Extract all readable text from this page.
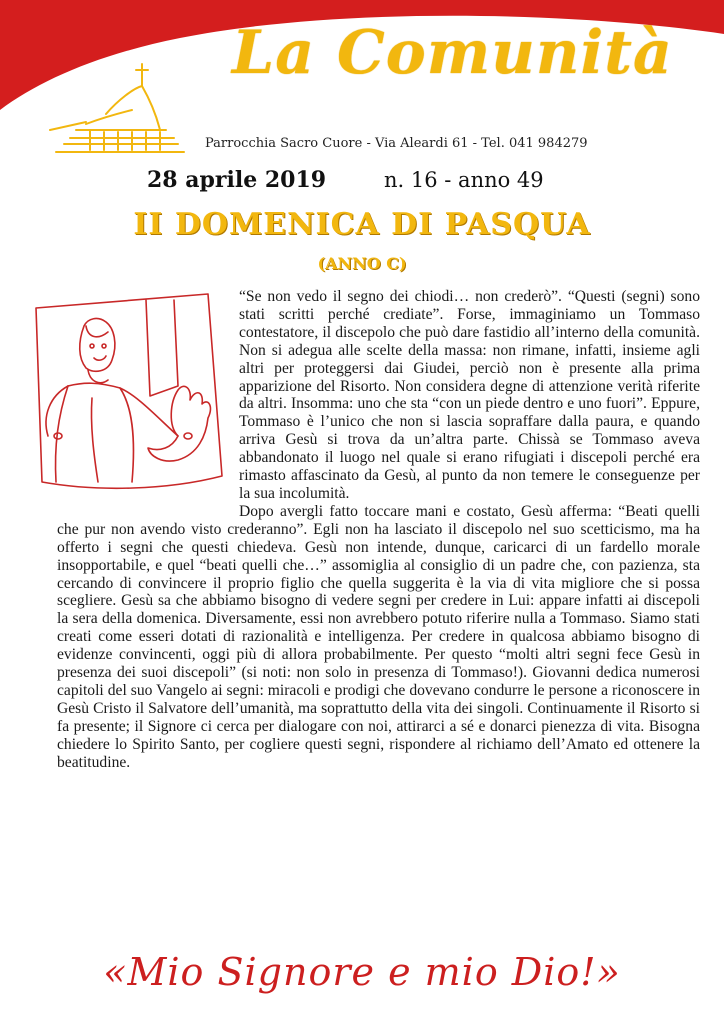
La Comunità
Parrocchia Sacro Cuore - Via Aleardi 61 - Tel. 041 984279
28 aprile 2019	n. 16 - anno 49
II DOMENICA DI PASQUA
(ANNO C)

“Se non vedo il segno dei chiodi… non crederò”. “Questi (segni) sono stati scritti perché crediate”. Forse, immaginiamo un Tommaso contestatore, il discepolo che può dare fastidio all’interno della comunità. Non si adegua alle scelte della massa: non rimane, infatti, insieme agli altri per proteggersi dai Giudei, perciò non è presente alla prima apparizione del Risorto. Non considera degne di attenzione verità riferite da altri. Insomma: uno che sta “con un piede dentro e uno fuori”. Eppure, Tommaso è l’unico che non si lascia sopraffare dalla paura, e quando arriva Gesù si trova da un’altra parte. Chissà se Tommaso aveva abbandonato il luogo nel quale si erano rifugiati i discepoli perché era rimasto affascinato da Gesù, al punto da non temere le conseguenze per la sua incolumità.

Dopo avergli fatto toccare mani e costato, Gesù afferma: “Beati quelli che pur non avendo visto crederanno”. Egli non ha lasciato il discepolo nel suo scetticismo, ma ha offerto i segni che questi chiedeva. Gesù non intende, dunque, caricarci di un fardello morale insopportabile, e quel “beati quelli che…” assomiglia al consiglio di un padre che, con pazienza, sta cercando di convincere il proprio figlio che quella suggerita è la via di vita migliore che si possa scegliere. Gesù sa che abbiamo bisogno di vedere segni per credere in Lui: appare infatti ai discepoli la sera della domenica. Diversamente, essi non avrebbero potuto riferire nulla a Tommaso. Siamo stati creati come esseri dotati di razionalità e intelligenza. Per credere in qualcosa abbiamo bisogno di evidenze convincenti, oggi più di allora probabilmente. Per questo “molti altri segni fece Gesù in presenza dei suoi discepoli” (si noti: non solo in presenza di Tommaso!). Giovanni dedica numerosi capitoli del suo Vangelo ai segni: miracoli e prodigi che dovevano condurre le persone a riconoscere in Gesù Cristo il Salvatore dell’umanità, ma soprattutto della vita dei singoli. Continuamente il Risorto si fa presente; il Signore ci cerca per dialogare con noi, attirarci a sé e donarci pienezza di vita. Bisogna chiedere lo Spirito Santo, per cogliere questi segni, rispondere al richiamo dell’Amato ed ottenere la beatitudine.

«Mio Signore e mio Dio!»
